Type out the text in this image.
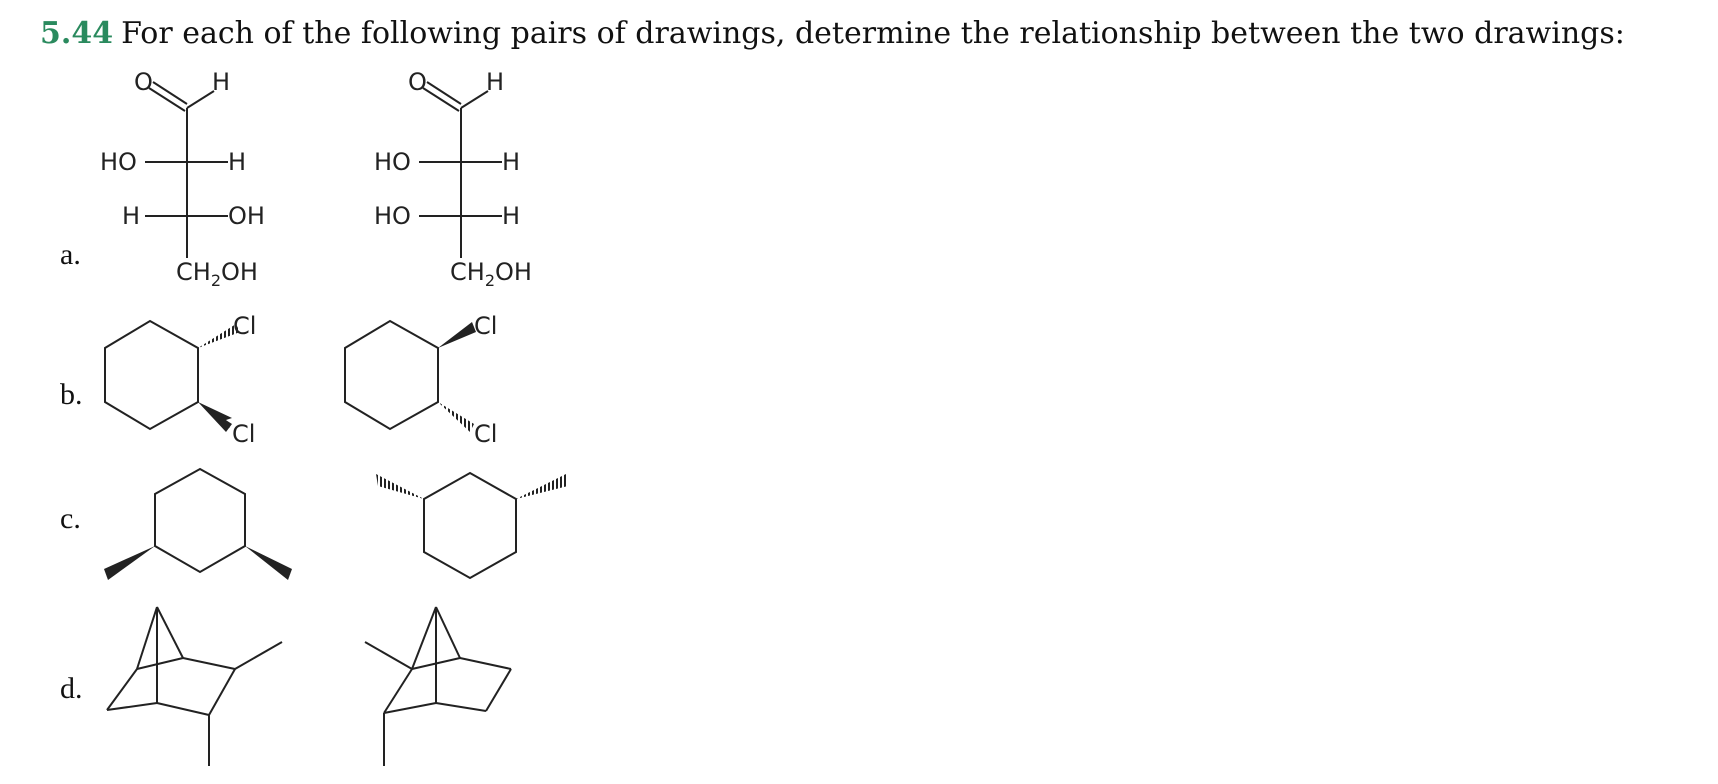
5.44 For each of the following pairs of drawings, determine the relationship between the two drawings:
a.
b.
c.
d.
O H
HO	H
H	OH
$CH_2OH$
O H
HO	H
HO	H
$CH_2OH$
Cl
Cl
Cl
Cl
